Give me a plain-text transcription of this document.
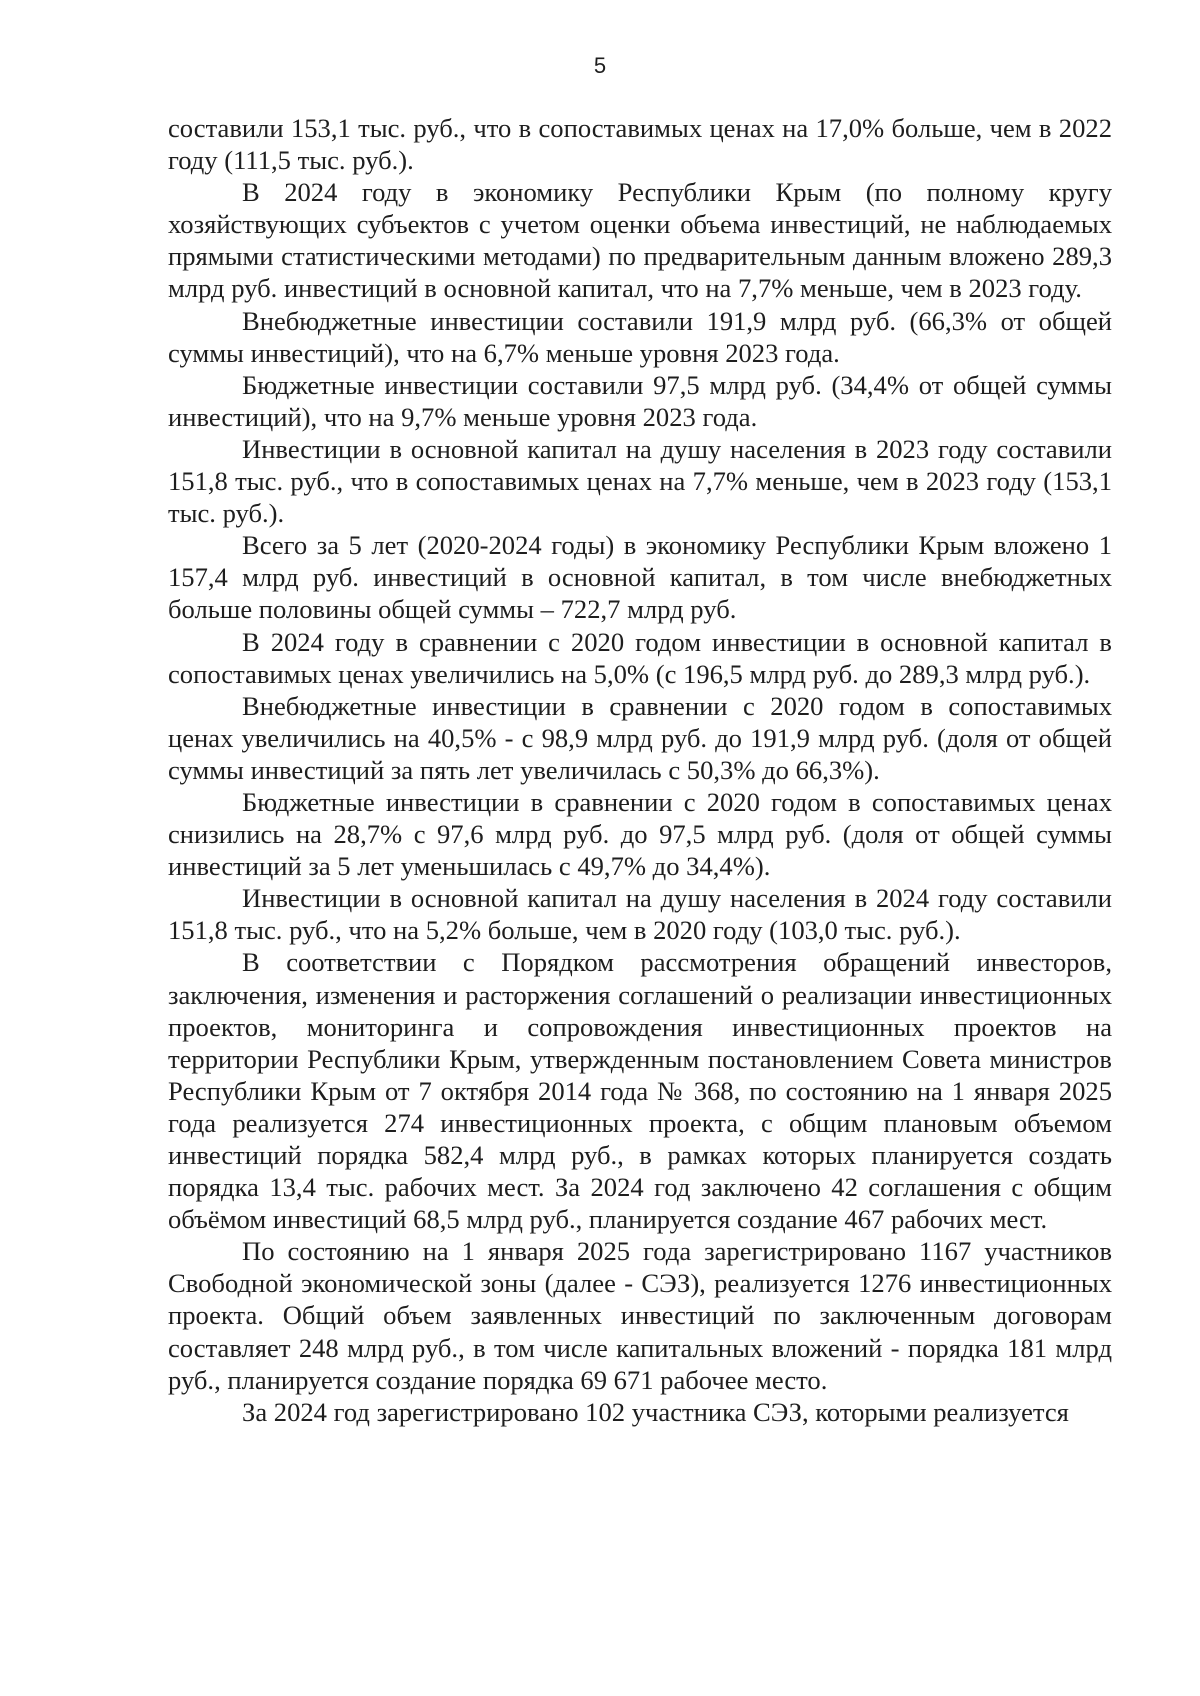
5

составили 153,1 тыс. руб., что в сопоставимых ценах на 17,0% больше, чем в 2022 году (111,5 тыс. руб.).

В 2024 году в экономику Республики Крым (по полному кругу хозяйствующих субъектов с учетом оценки объема инвестиций, не наблюдаемых прямыми статистическими методами) по предварительным данным вложено 289,3 млрд руб. инвестиций в основной капитал, что на 7,7% меньше, чем в 2023 году.

Внебюджетные инвестиции составили 191,9 млрд руб. (66,3% от общей суммы инвестиций), что на 6,7% меньше уровня 2023 года.

Бюджетные инвестиции составили 97,5 млрд руб. (34,4% от общей суммы инвестиций), что на 9,7% меньше уровня 2023 года.

Инвестиции в основной капитал на душу населения в 2023 году составили 151,8 тыс. руб., что в сопоставимых ценах на 7,7% меньше, чем в 2023 году (153,1 тыс. руб.).

Всего за 5 лет (2020-2024 годы) в экономику Республики Крым вложено 1 157,4 млрд руб. инвестиций в основной капитал, в том числе внебюджетных больше половины общей суммы – 722,7 млрд руб.

В 2024 году в сравнении с 2020 годом инвестиции в основной капитал в сопоставимых ценах увеличились на 5,0% (с 196,5 млрд руб. до 289,3 млрд руб.).

Внебюджетные инвестиции в сравнении с 2020 годом в сопоставимых ценах увеличились на 40,5% - с 98,9 млрд руб. до 191,9 млрд руб. (доля от общей суммы инвестиций за пять лет увеличилась с 50,3% до 66,3%).

Бюджетные инвестиции в сравнении с 2020 годом в сопоставимых ценах снизились на 28,7% с 97,6 млрд руб. до 97,5 млрд руб. (доля от общей суммы инвестиций за 5 лет уменьшилась с 49,7% до 34,4%).

Инвестиции в основной капитал на душу населения в 2024 году составили 151,8 тыс. руб., что на 5,2% больше, чем в 2020 году (103,0 тыс. руб.).

В соответствии с Порядком рассмотрения обращений инвесторов, заключения, изменения и расторжения соглашений о реализации инвестиционных проектов, мониторинга и сопровождения инвестиционных проектов на территории Республики Крым, утвержденным постановлением Совета министров Республики Крым от 7 октября 2014 года № 368, по состоянию на 1 января 2025 года реализуется 274 инвестиционных проекта, с общим плановым объемом инвестиций порядка 582,4 млрд руб., в рамках которых планируется создать порядка 13,4 тыс. рабочих мест. За 2024 год заключено 42 соглашения с общим объёмом инвестиций 68,5 млрд руб., планируется создание 467 рабочих мест.

По состоянию на 1 января 2025 года зарегистрировано 1167 участников Свободной экономической зоны (далее - СЭЗ), реализуется 1276 инвестиционных проекта. Общий объем заявленных инвестиций по заключенным договорам составляет 248 млрд руб., в том числе капитальных вложений - порядка 181 млрд руб., планируется создание порядка 69 671 рабочее место.

За 2024 год зарегистрировано 102 участника СЭЗ, которыми реализуется
